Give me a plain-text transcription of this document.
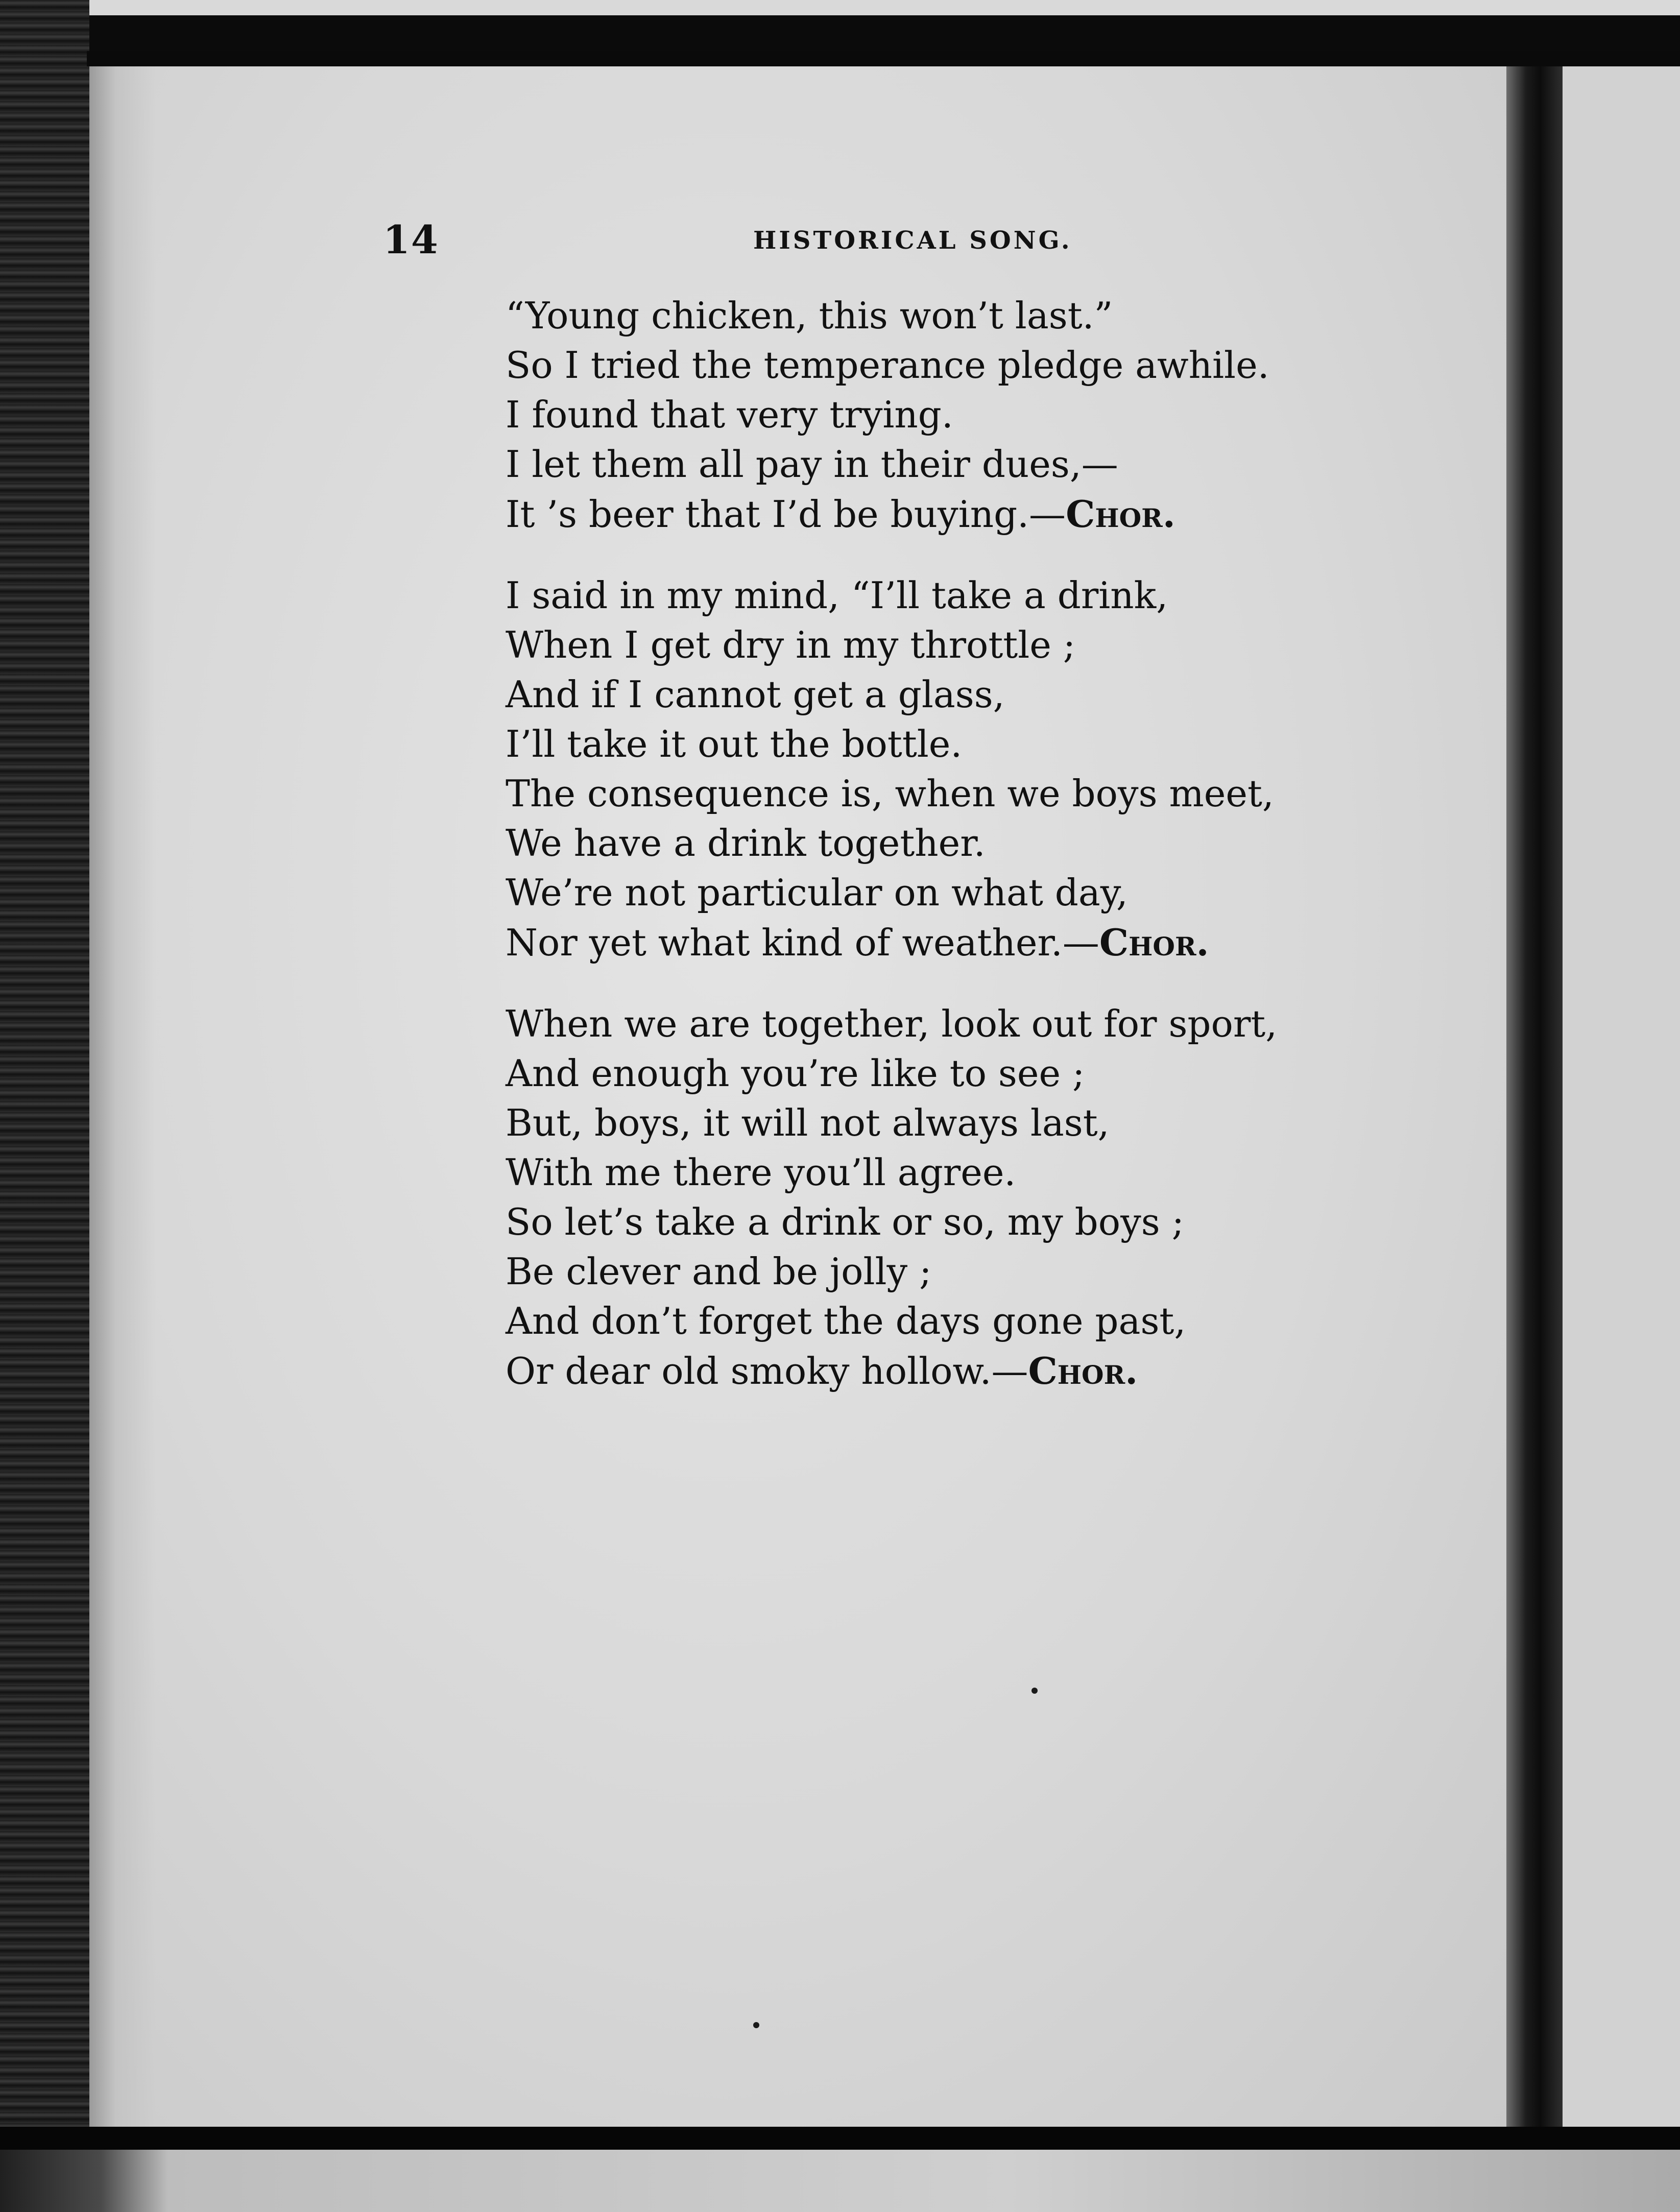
14	HISTORICAL SONG.
“Young chicken, this won’t last.”
So I tried the temperance pledge awhile.
I found that very trying.
I let them all pay in their dues,—
It ’s beer that I’d be buying.—Chor.
I said in my mind, “I’ll take a drink,
When I get dry in my throttle ;
And if I cannot get a glass,
I’ll take it out the bottle.
The consequence is, when we boys meet,
We have a drink together.
We’re not particular on what day,
Nor yet what kind of weather.—Chor.
When we are together, look out for sport,
And enough you’re like to see ;
But, boys, it will not always last,
With me there you’ll agree.
So let’s take a drink or so, my boys ;
Be clever and be jolly ;
And don’t forget the days gone past,
Or dear old smoky hollow.—Chor.
